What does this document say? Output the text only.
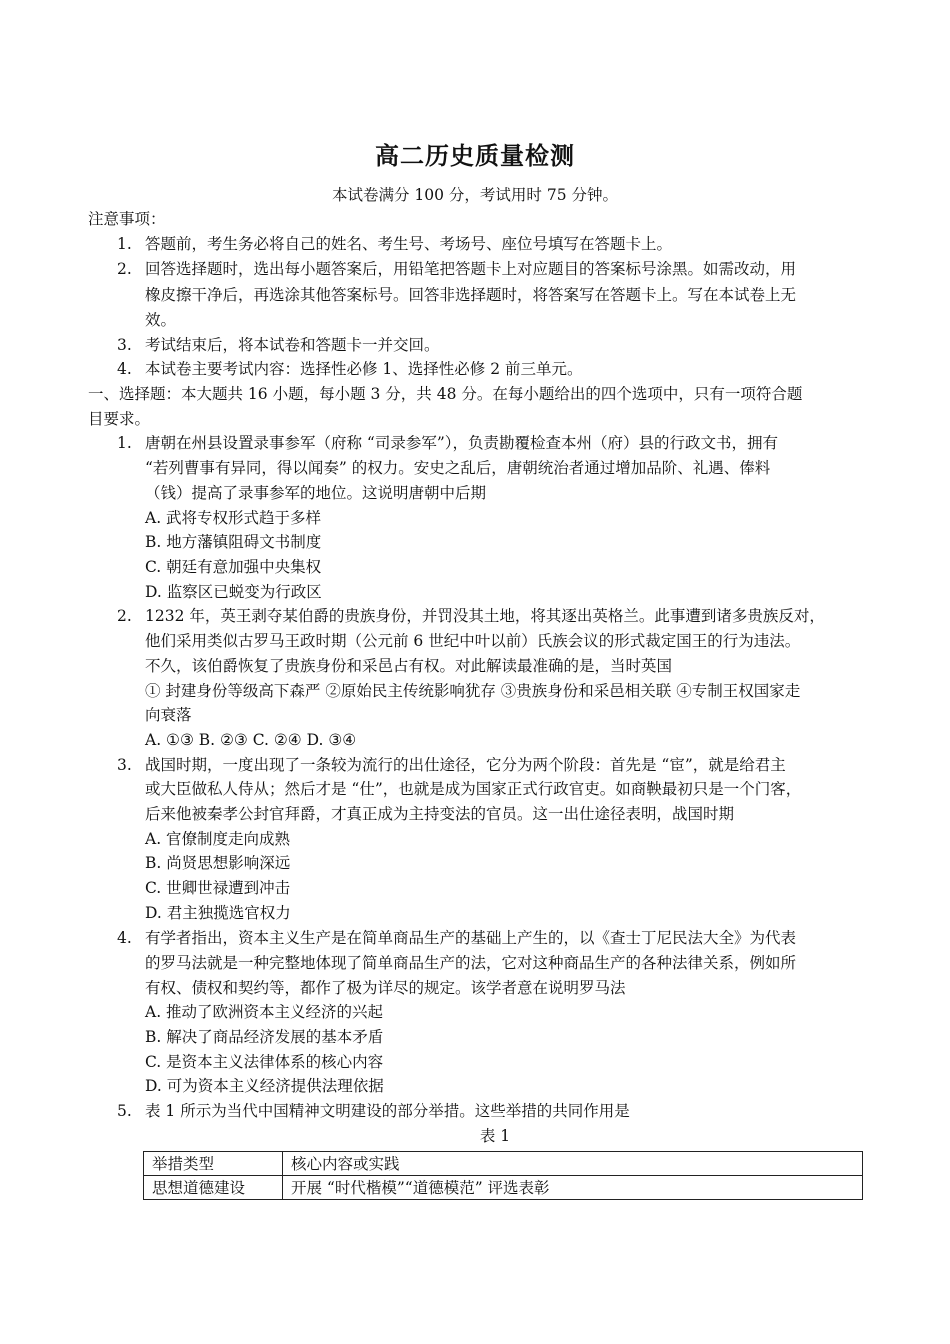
高二历史质量检测
本试卷满分 100 分，考试用时 75 分钟。
注意事项：
1. 答题前，考生务必将自己的姓名、考生号、考场号、座位号填写在答题卡上。
2. 回答选择题时，选出每小题答案后，用铅笔把答题卡上对应题目的答案标号涂黑。如需改动，用
橡皮擦干净后，再选涂其他答案标号。回答非选择题时，将答案写在答题卡上。写在本试卷上无
效。
3. 考试结束后，将本试卷和答题卡一并交回。
4. 本试卷主要考试内容：选择性必修 1、选择性必修 2 前三单元。
一、选择题：本大题共 16 小题，每小题 3 分，共 48 分。在每小题给出的四个选项中，只有一项符合题
目要求。
1. 唐朝在州县设置录事参军（府称 “司录参军”），负责勘覆检查本州（府）县的行政文书，拥有
“若列曹事有异同，得以闻奏” 的权力。安史之乱后，唐朝统治者通过增加品阶、礼遇、俸料
（钱）提高了录事参军的地位。这说明唐朝中后期
A. 武将专权形式趋于多样
B. 地方藩镇阻碍文书制度
C. 朝廷有意加强中央集权
D. 监察区已蜕变为行政区
2. 1232 年，英王剥夺某伯爵的贵族身份，并罚没其土地，将其逐出英格兰。此事遭到诸多贵族反对，
他们采用类似古罗马王政时期（公元前 6 世纪中叶以前）氏族会议的形式裁定国王的行为违法。
不久，该伯爵恢复了贵族身份和采邑占有权。对此解读最准确的是，当时英国
① 封建身份等级高下森严 ②原始民主传统影响犹存 ③贵族身份和采邑相关联 ④专制王权国家走
向衰落
A. ①③ B. ②③ C. ②④ D. ③④
3. 战国时期，一度出现了一条较为流行的出仕途径，它分为两个阶段：首先是 “宦”，就是给君主
或大臣做私人侍从；然后才是 “仕”，也就是成为国家正式行政官吏。如商鞅最初只是一个门客，
后来他被秦孝公封官拜爵，才真正成为主持变法的官员。这一出仕途径表明，战国时期
A. 官僚制度走向成熟
B. 尚贤思想影响深远
C. 世卿世禄遭到冲击
D. 君主独揽选官权力
4. 有学者指出，资本主义生产是在简单商品生产的基础上产生的，以《查士丁尼民法大全》为代表
的罗马法就是一种完整地体现了简单商品生产的法，它对这种商品生产的各种法律关系，例如所
有权、债权和契约等，都作了极为详尽的规定。该学者意在说明罗马法
A. 推动了欧洲资本主义经济的兴起
B. 解决了商品经济发展的基本矛盾
C. 是资本主义法律体系的核心内容
D. 可为资本主义经济提供法理依据
5. 表 1 所示为当代中国精神文明建设的部分举措。这些举措的共同作用是
表 1
举措类型	核心内容或实践
思想道德建设	开展 “时代楷模”“道德模范” 评选表彰
